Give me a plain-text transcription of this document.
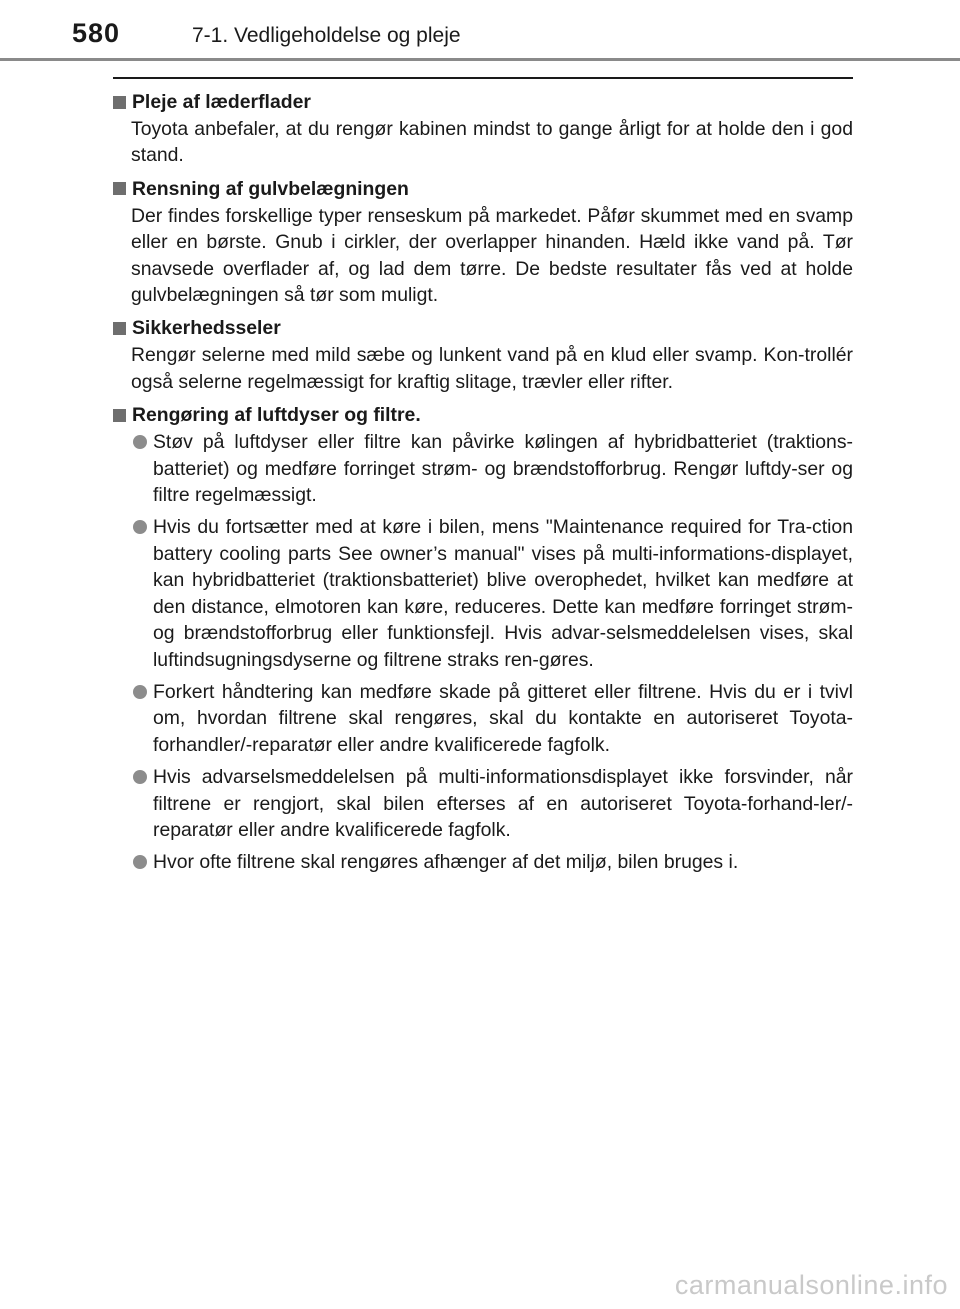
580	7-1. Vedligeholdelse og pleje
Pleje af læderflader
Toyota anbefaler, at du rengør kabinen mindst to gange årligt for at holde den i god stand.
Rensning af gulvbelægningen
Der findes forskellige typer renseskum på markedet. Påfør skummet med en svamp eller en børste. Gnub i cirkler, der overlapper hinanden. Hæld ikke vand på. Tør snavsede overflader af, og lad dem tørre. De bedste resultater fås ved at holde gulvbelægningen så tør som muligt.
Sikkerhedsseler
Rengør selerne med mild sæbe og lunkent vand på en klud eller svamp. Kon-trollér også selerne regelmæssigt for kraftig slitage, trævler eller rifter.
Rengøring af luftdyser og filtre.
Støv på luftdyser eller filtre kan påvirke kølingen af hybridbatteriet (traktions-batteriet) og medføre forringet strøm- og brændstofforbrug. Rengør luftdy-ser og filtre regelmæssigt.
Hvis du fortsætter med at køre i bilen, mens "Maintenance required for Tra-ction battery cooling parts See owner’s manual" vises på multi-informations-displayet, kan hybridbatteriet (traktionsbatteriet) blive overophedet, hvilket kan medføre at den distance, elmotoren kan køre, reduceres. Dette kan medføre forringet strøm- og brændstofforbrug eller funktionsfejl. Hvis advar-selsmeddelelsen vises, skal luftindsugningsdyserne og filtrene straks ren-gøres.
Forkert håndtering kan medføre skade på gitteret eller filtrene. Hvis du er i tvivl om, hvordan filtrene skal rengøres, skal du kontakte en autoriseret Toyota-forhandler/-reparatør eller andre kvalificerede fagfolk.
Hvis advarselsmeddelelsen på multi-informationsdisplayet ikke forsvinder, når filtrene er rengjort, skal bilen efterses af en autoriseret Toyota-forhand-ler/-reparatør eller andre kvalificerede fagfolk.
Hvor ofte filtrene skal rengøres afhænger af det miljø, bilen bruges i.
carmanualsonline.info
